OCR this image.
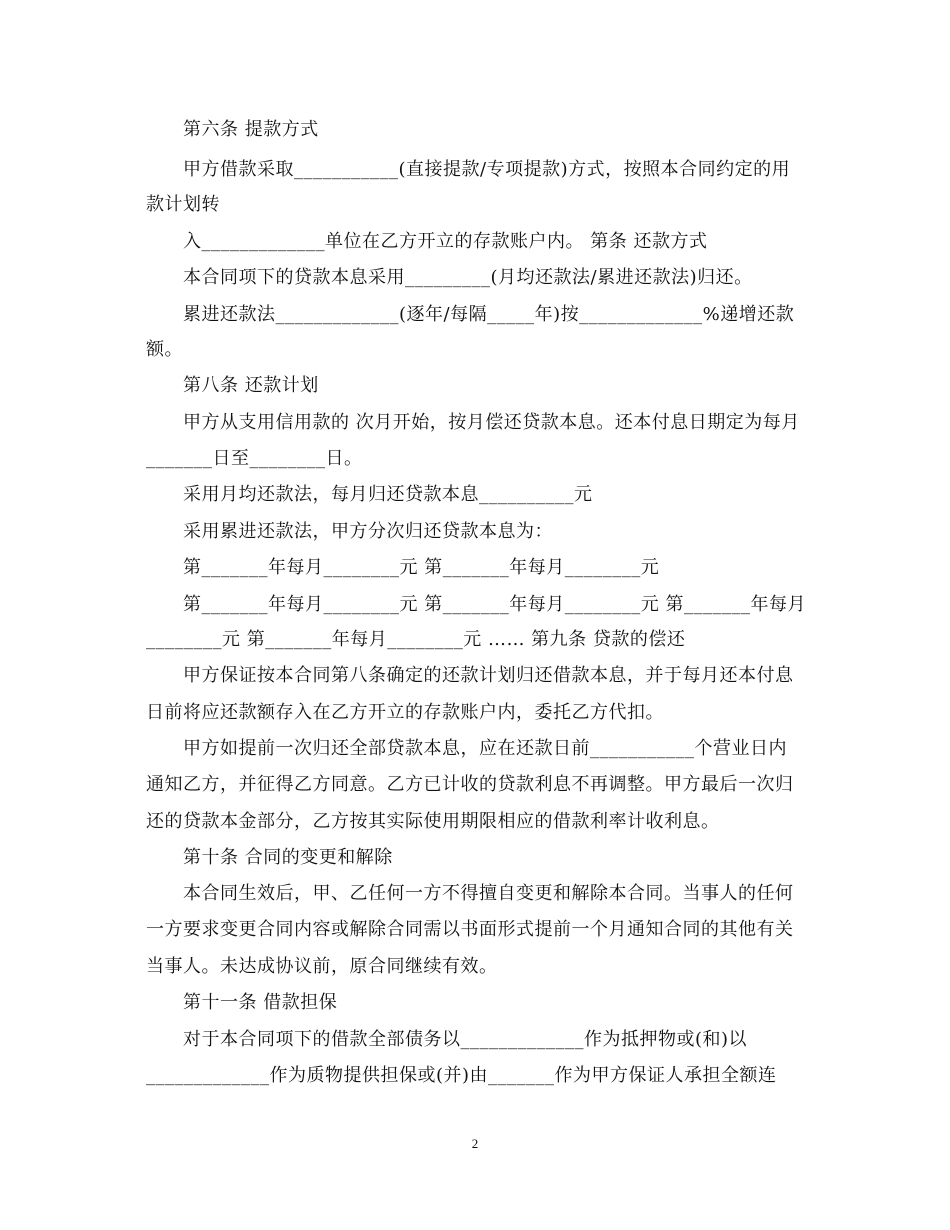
第六条 提款方式
甲方借款采取___________(直接提款/专项提款)方式，按照本合同约定的用
款计划转
入_____________单位在乙方开立的存款账户内。 第条 还款方式
本合同项下的贷款本息采用_________(月均还款法/累进还款法)归还。
累进还款法_____________(逐年/每隔_____年)按_____________%递增还款
额。
第八条 还款计划
甲方从支用信用款的 次月开始，按月偿还贷款本息。还本付息日期定为每月
_______日至________日。
采用月均还款法，每月归还贷款本息__________元
采用累进还款法，甲方分次归还贷款本息为：
第_______年每月________元 第_______年每月________元
第_______年每月________元 第_______年每月________元 第_______年每月
________元 第_______年每月________元 …… 第九条 贷款的偿还
甲方保证按本合同第八条确定的还款计划归还借款本息，并于每月还本付息
日前将应还款额存入在乙方开立的存款账户内，委托乙方代扣。
甲方如提前一次归还全部贷款本息，应在还款日前___________个营业日内
通知乙方，并征得乙方同意。乙方已计收的贷款利息不再调整。甲方最后一次归
还的贷款本金部分，乙方按其实际使用期限相应的借款利率计收利息。
第十条 合同的变更和解除
本合同生效后，甲、乙任何一方不得擅自变更和解除本合同。当事人的任何
一方要求变更合同内容或解除合同需以书面形式提前一个月通知合同的其他有关
当事人。未达成协议前，原合同继续有效。
第十一条 借款担保
对于本合同项下的借款全部债务以_____________作为抵押物或(和)以
_____________作为质物提供担保或(并)由_______作为甲方保证人承担全额连
2
